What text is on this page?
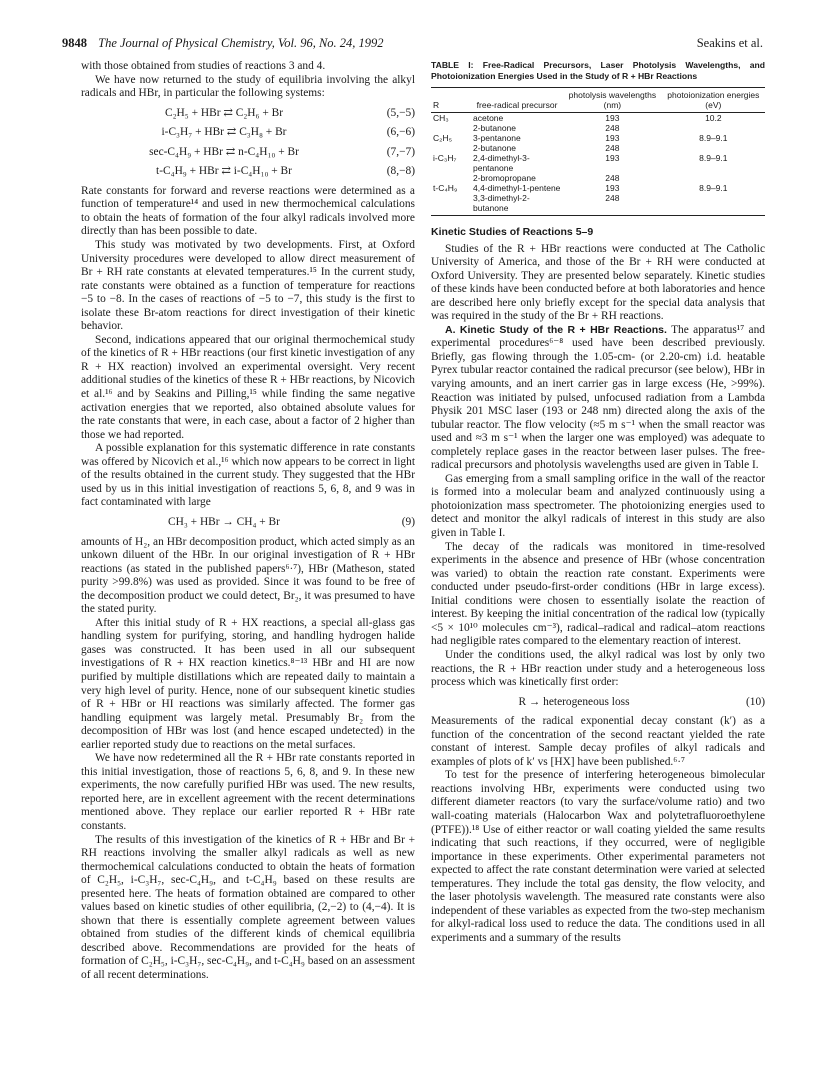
9848 The Journal of Physical Chemistry, Vol. 96, No. 24, 1992	Seakins et al.

with those obtained from studies of reactions 3 and 4.

We have now returned to the study of equilibria involving the alkyl radicals and HBr, in particular the following systems:

C₂H₅ + HBr ⇄ C₂H₆ + Br	(5,−5)
i-C₃H₇ + HBr ⇄ C₃H₈ + Br	(6,−6)
sec-C₄H₉ + HBr ⇄ n-C₄H₁₀ + Br	(7,−7)
t-C₄H₉ + HBr ⇄ i-C₄H₁₀ + Br	(8,−8)

Rate constants for forward and reverse reactions were determined as a function of temperature¹⁴ and used in new thermochemical calculations to obtain the heats of formation of the four alkyl radicals involved more directly than has been possible to date.

This study was motivated by two developments. First, at Oxford University procedures were developed to allow direct measurement of Br + RH rate constants at elevated temperatures.¹⁵ In the current study, rate constants were obtained as a function of temperature for reactions −5 to −8. In the cases of reactions of −5 to −7, this study is the first to isolate these Br-atom reactions for direct investigation of their kinetic behavior.

Second, indications appeared that our original thermochemical study of the kinetics of R + HBr reactions (our first kinetic investigation of any R + HX reaction) involved an experimental oversight. Very recent additional studies of the kinetics of these R + HBr reactions, by Nicovich et al.¹⁶ and by Seakins and Pilling,¹⁵ while finding the same negative activation energies that we reported, also obtained absolute values for the rate constants that were, in each case, about a factor of 2 higher than those we had reported.

A possible explanation for this systematic difference in rate constants was offered by Nicovich et al.,¹⁶ which now appears to be correct in light of the results obtained in the current study. They suggested that the HBr used by us in this initial investigation of reactions 5, 6, 8, and 9 was in fact contaminated with large

CH₃ + HBr → CH₄ + Br	(9)

amounts of H₂, an HBr decomposition product, which acted simply as an unkown diluent of the HBr. In our original investigation of R + HBr reactions (as stated in the published papers⁶·⁷), HBr (Matheson, stated purity >99.8%) was used as provided. Since it was found to be free of the decomposition product we could detect, Br₂, it was presumed to have the stated purity.

After this initial study of R + HX reactions, a special all-glass gas handling system for purifying, storing, and handling hydrogen halide gases was constructed. It has been used in all our subsequent investigations of R + HX reaction kinetics.⁸⁻¹³ HBr and HI are now purified by multiple distillations which are repeated daily to maintain a very high level of purity. Hence, none of our subsequent kinetic studies of R + HBr or HI reactions was similarly affected. The former gas handling equipment was largely metal. Presumably Br₂ from the decomposition of HBr was lost (and hence escaped undetected) in the earlier reported study due to reactions on the metal surfaces.

We have now redetermined all the R + HBr rate constants reported in this initial investigation, those of reactions 5, 6, 8, and 9. In these new experiments, the now carefully purified HBr was used. The new results, reported here, are in excellent agreement with the recent determinations mentioned above. They replace our earlier reported R + HBr rate constants.

The results of this investigation of the kinetics of R + HBr and Br + RH reactions involving the smaller alkyl radicals as well as new thermochemical calculations conducted to obtain the heats of formation of C₂H₅, i-C₃H₇, sec-C₄H₉, and t-C₄H₉ based on these results are presented here. The heats of formation obtained are compared to other values based on kinetic studies of other equilibria, (2,−2) to (4,−4). It is shown that there is essentially complete agreement between values obtained from studies of the different kinds of chemical equilibria described above. Recommendations are provided for the heats of formation of C₂H₅, i-C₃H₇, sec-C₄H₉, and t-C₄H₉ based on an assessment of all recent determinations.

TABLE I: Free-Radical Precursors, Laser Photolysis Wavelengths, and Photoionization Energies Used in the Study of R + HBr Reactions
R	free-radical precursor	photolysis wavelengths (nm)	photoionization energies (eV)
CH₃	acetone	193	10.2
	2-butanone	248	
C₂H₅	3-pentanone	193	8.9–9.1
	2-butanone	248	
i-C₃H₇	2,4-dimethyl-3-pentanone	193	8.9–9.1
	2-bromopropane	248	
t-C₄H₉	4,4-dimethyl-1-pentene	193	8.9–9.1
	3,3-dimethyl-2-butanone	248	
Kinetic Studies of Reactions 5–9

Studies of the R + HBr reactions were conducted at The Catholic University of America, and those of the Br + RH were conducted at Oxford University. They are presented below separately. Kinetic studies of these kinds have been conducted before at both laboratories and hence are described here only briefly except for the special data analysis that was required in the study of the Br + RH reactions.

A. Kinetic Study of the R + HBr Reactions. The apparatus¹⁷ and experimental procedures⁶⁻⁸ used have been described previously. Briefly, gas flowing through the 1.05-cm- (or 2.20-cm) i.d. heatable Pyrex tubular reactor contained the radical precursor (see below), HBr in varying amounts, and an inert carrier gas in large excess (He, >99%). Reaction was initiated by pulsed, unfocused radiation from a Lambda Physik 201 MSC laser (193 or 248 nm) directed along the axis of the tubular reactor. The flow velocity (≈5 m s⁻¹ when the small reactor was used and ≈3 m s⁻¹ when the larger one was employed) was adequate to completely replace gases in the reactor between laser pulses. The free-radical precursors and photolysis wavelengths used are given in Table I.

Gas emerging from a small sampling orifice in the wall of the reactor is formed into a molecular beam and analyzed continuously using a photoionization mass spectrometer. The photoionizing energies used to detect and monitor the alkyl radicals of interest in this study are also given in Table I.

The decay of the radicals was monitored in time-resolved experiments in the absence and presence of HBr (whose concentration was varied) to obtain the reaction rate constant. Experiments were conducted under pseudo-first-order conditions (HBr in large excess). Initial conditions were chosen to essentially isolate the reaction of interest. By keeping the initial concentration of the radical low (typically <5 × 10¹⁰ molecules cm⁻³), radical–radical and radical–atom reactions had negligible rates compared to the elementary reaction of interest.

Under the conditions used, the alkyl radical was lost by only two reactions, the R + HBr reaction under study and a heterogeneous loss process which was kinetically first order:

R → heterogeneous loss	(10)

Measurements of the radical exponential decay constant (k′) as a function of the concentration of the second reactant yielded the rate constant of interest. Sample decay profiles of alkyl radicals and examples of plots of k′ vs [HX] have been published.⁶·⁷

To test for the presence of interfering heterogeneous bimolecular reactions involving HBr, experiments were conducted using two different diameter reactors (to vary the surface/volume ratio) and two wall-coating materials (Halocarbon Wax and polytetrafluoroethylene (PTFE)).¹⁸ Use of either reactor or wall coating yielded the same results indicating that such reactions, if they occurred, were of negligible importance in these experiments. Other experimental parameters not expected to affect the rate constant determination were varied at selected temperatures. They include the total gas density, the flow velocity, and the laser photolysis wavelength. The measured rate constants were also independent of these variables as expected from the two-step mechanism for alkyl-radical loss used to reduce the data. The conditions used in all experiments and a summary of the results
